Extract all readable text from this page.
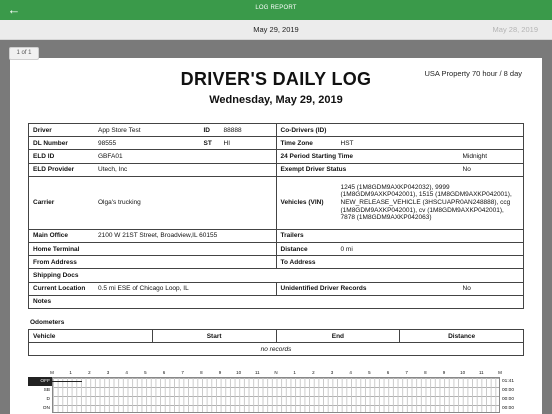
←	LOG REPORT
May 29, 2019	May 28, 2019
DRIVER'S DAILY LOG
Wednesday, May 29, 2019
USA Property 70 hour / 8 day
Driver App Store Test ID 88888	Co-Drivers (ID)

DL Number 98555 ST HI	Time Zone HST

ELD ID GBFA01	24 Period Starting Time Midnight

ELD Provider Utech, Inc	Exempt Driver Status No

Carrier Olga's trucking	Vehicles (VIN)
1245 (1M8GDM9AXKP042032), 9999 (1M8GDM9AXKP042001), 1515 (1M8GDM9AXKP042001), NEW_RELEASE_VEHICLE (3HSCUAPR0AN248888), ccg (1M8GDM9AXKP042001), cv (1M8GDM9AXKP042001), 7878 (1M8GDM9AXKP042063)

Main Office 2100 W 21ST Street, Broadview,IL 60155	Trailers

Home Terminal	Distance 0 mi

From Address	To Address

Shipping Docs	

Current Location 0.5 mi ESE of Chicago Loop, IL	Unidentified Driver Records No

Notes	
Odometers
Vehicle	Start	End	Distance
no records
M	1	2	3	4	5	6	7	8	9	10	11	N	1	2	3	4	5	6	7	8	9	10	11	M
OFF
SB
D
ON
01:41
00:00
00:00
00:00
1 of 1
